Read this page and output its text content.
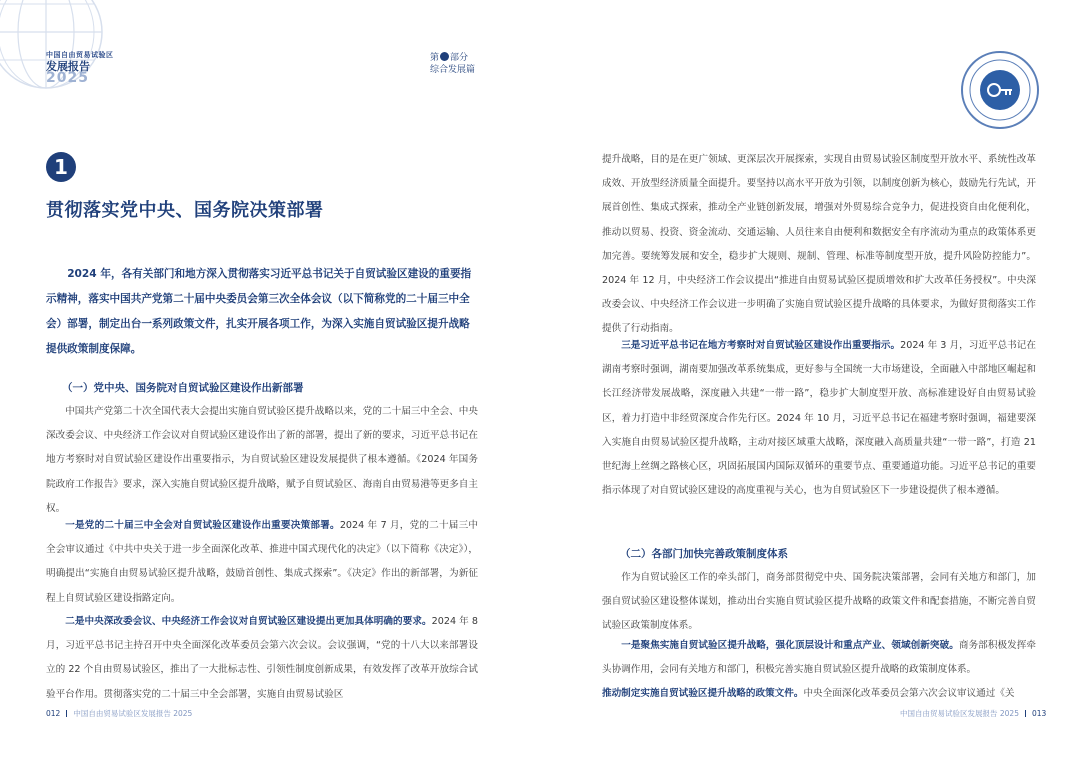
中国自由贸易试验区
发展报告
2025
第 部分
综合发展篇
1
贯彻落实党中央、国务院决策部署
2024 年，各有关部门和地方深入贯彻落实习近平总书记关于自贸试验区建设的重要指示精神，落实中国共产党第二十届中央委员会第三次全体会议（以下简称党的二十届三中全会）部署，制定出台一系列政策文件，扎实开展各项工作，为深入实施自贸试验区提升战略提供政策制度保障。
（一）党中央、国务院对自贸试验区建设作出新部署
中国共产党第二十次全国代表大会提出实施自贸试验区提升战略以来，党的二十届三中全会、中央深改委会议、中央经济工作会议对自贸试验区建设作出了新的部署，提出了新的要求，习近平总书记在地方考察时对自贸试验区建设作出重要指示，为自贸试验区建设发展提供了根本遵循。《2024 年国务院政府工作报告》要求，深入实施自贸试验区提升战略，赋予自贸试验区、海南自由贸易港等更多自主权。
一是党的二十届三中全会对自贸试验区建设作出重要决策部署。2024 年 7 月，党的二十届三中全会审议通过《中共中央关于进一步全面深化改革、推进中国式现代化的决定》（以下简称《决定》），明确提出“实施自由贸易试验区提升战略，鼓励首创性、集成式探索”。《决定》作出的新部署，为新征程上自贸试验区建设指路定向。
二是中央深改委会议、中央经济工作会议对自贸试验区建设提出更加具体明确的要求。2024 年 8 月，习近平总书记主持召开中央全面深化改革委员会第六次会议。会议强调，“党的十八大以来部署设立的 22 个自由贸易试验区，推出了一大批标志性、引领性制度创新成果，有效发挥了改革开放综合试验平台作用。贯彻落实党的二十届三中全会部署，实施自由贸易试验区
012 中国自由贸易试验区发展报告 2025
提升战略，目的是在更广领域、更深层次开展探索，实现自由贸易试验区制度型开放水平、系统性改革成效、开放型经济质量全面提升。要坚持以高水平开放为引领，以制度创新为核心，鼓励先行先试，开展首创性、集成式探索，推动全产业链创新发展，增强对外贸易综合竞争力，促进投资自由化便利化，推动以贸易、投资、资金流动、交通运输、人员往来自由便利和数据安全有序流动为重点的政策体系更加完善。要统筹发展和安全，稳步扩大规则、规制、管理、标准等制度型开放，提升风险防控能力”。2024 年 12 月，中央经济工作会议提出“推进自由贸易试验区提质增效和扩大改革任务授权”。中央深改委会议、中央经济工作会议进一步明确了实施自贸试验区提升战略的具体要求，为做好贯彻落实工作提供了行动指南。
三是习近平总书记在地方考察时对自贸试验区建设作出重要指示。2024 年 3 月，习近平总书记在湖南考察时强调，湖南要加强改革系统集成，更好参与全国统一大市场建设，全面融入中部地区崛起和长江经济带发展战略，深度融入共建“一带一路”，稳步扩大制度型开放、高标准建设好自由贸易试验区，着力打造中非经贸深度合作先行区。2024 年 10 月，习近平总书记在福建考察时强调，福建要深入实施自由贸易试验区提升战略，主动对接区域重大战略，深度融入高质量共建“一带一路”，打造 21 世纪海上丝绸之路核心区，巩固拓展国内国际双循环的重要节点、重要通道功能。习近平总书记的重要指示体现了对自贸试验区建设的高度重视与关心，也为自贸试验区下一步建设提供了根本遵循。
（二）各部门加快完善政策制度体系
作为自贸试验区工作的牵头部门，商务部贯彻党中央、国务院决策部署，会同有关地方和部门，加强自贸试验区建设整体谋划，推动出台实施自贸试验区提升战略的政策文件和配套措施，不断完善自贸试验区政策制度体系。
一是聚焦实施自贸试验区提升战略，强化顶层设计和重点产业、领域创新突破。商务部积极发挥牵头协调作用，会同有关地方和部门，积极完善实施自贸试验区提升战略的政策制度体系。
推动制定实施自贸试验区提升战略的政策文件。中央全面深化改革委员会第六次会议审议通过《关
中国自由贸易试验区发展报告 2025 013
